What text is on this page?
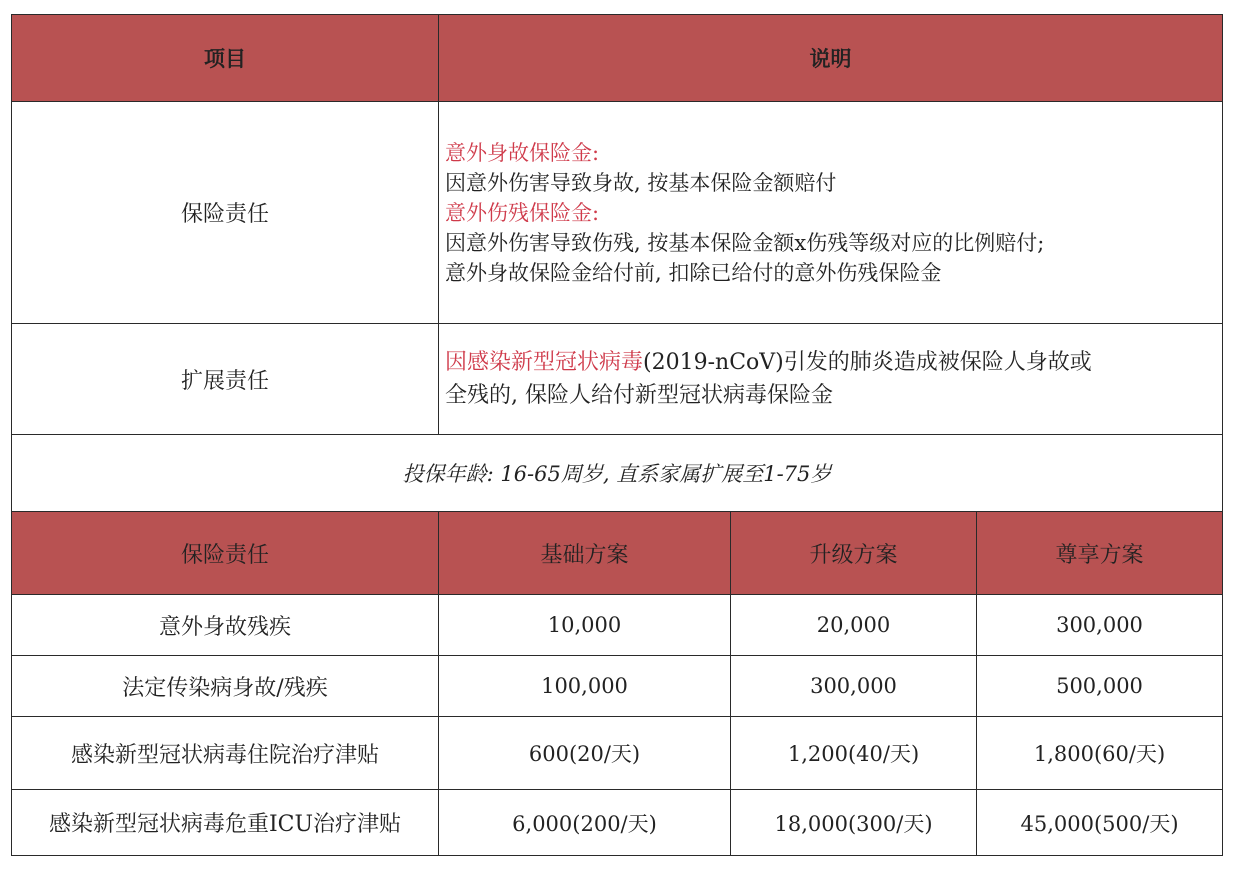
项目	说明
保险责任	意外身故保险金:
因意外伤害导致身故, 按基本保险金额赔付
意外伤残保险金:
因意外伤害导致伤残, 按基本保险金额x伤残等级对应的比例赔付;
意外身故保险金给付前, 扣除已给付的意外伤残保险金

扩展责任	因感染新型冠状病毒(2019-nCoV)引发的肺炎造成被保险人身故或
全残的, 保险人给付新型冠状病毒保险金

投保年龄: 16-65周岁, 直系家属扩展至1-75岁	
保险责任	基础方案	升级方案	尊享方案
意外身故残疾	10,000	20,000	300,000
法定传染病身故/残疾	100,000	300,000	500,000
感染新型冠状病毒住院治疗津贴	600(20/天)	1,200(40/天)	1,800(60/天)
感染新型冠状病毒危重ICU治疗津贴	6,000(200/天)	18,000(300/天)	45,000(500/天)
